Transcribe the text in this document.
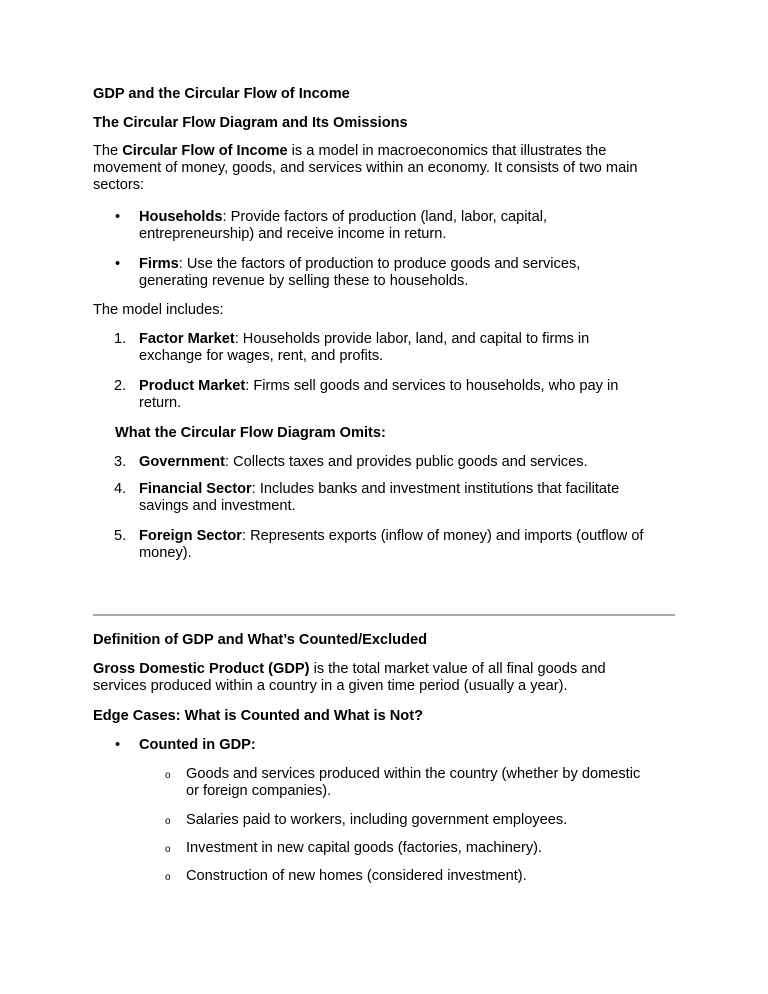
GDP and the Circular Flow of Income
The Circular Flow Diagram and Its Omissions
The Circular Flow of Income is a model in macroeconomics that illustrates the
movement of money, goods, and services within an economy. It consists of two main
sectors:
• Households: Provide factors of production (land, labor, capital,
entrepreneurship) and receive income in return.
• Firms: Use the factors of production to produce goods and services,
generating revenue by selling these to households.
The model includes:
1. Factor Market: Households provide labor, land, and capital to firms in
exchange for wages, rent, and profits.
2. Product Market: Firms sell goods and services to households, who pay in
return.
What the Circular Flow Diagram Omits:
3. Government: Collects taxes and provides public goods and services.
4. Financial Sector: Includes banks and investment institutions that facilitate
savings and investment.
5. Foreign Sector: Represents exports (inflow of money) and imports (outflow of
money).
Definition of GDP and What’s Counted/Excluded
Gross Domestic Product (GDP) is the total market value of all final goods and
services produced within a country in a given time period (usually a year).
Edge Cases: What is Counted and What is Not?
• Counted in GDP:
o Goods and services produced within the country (whether by domestic
or foreign companies).
o Salaries paid to workers, including government employees.
o Investment in new capital goods (factories, machinery).
o Construction of new homes (considered investment).
